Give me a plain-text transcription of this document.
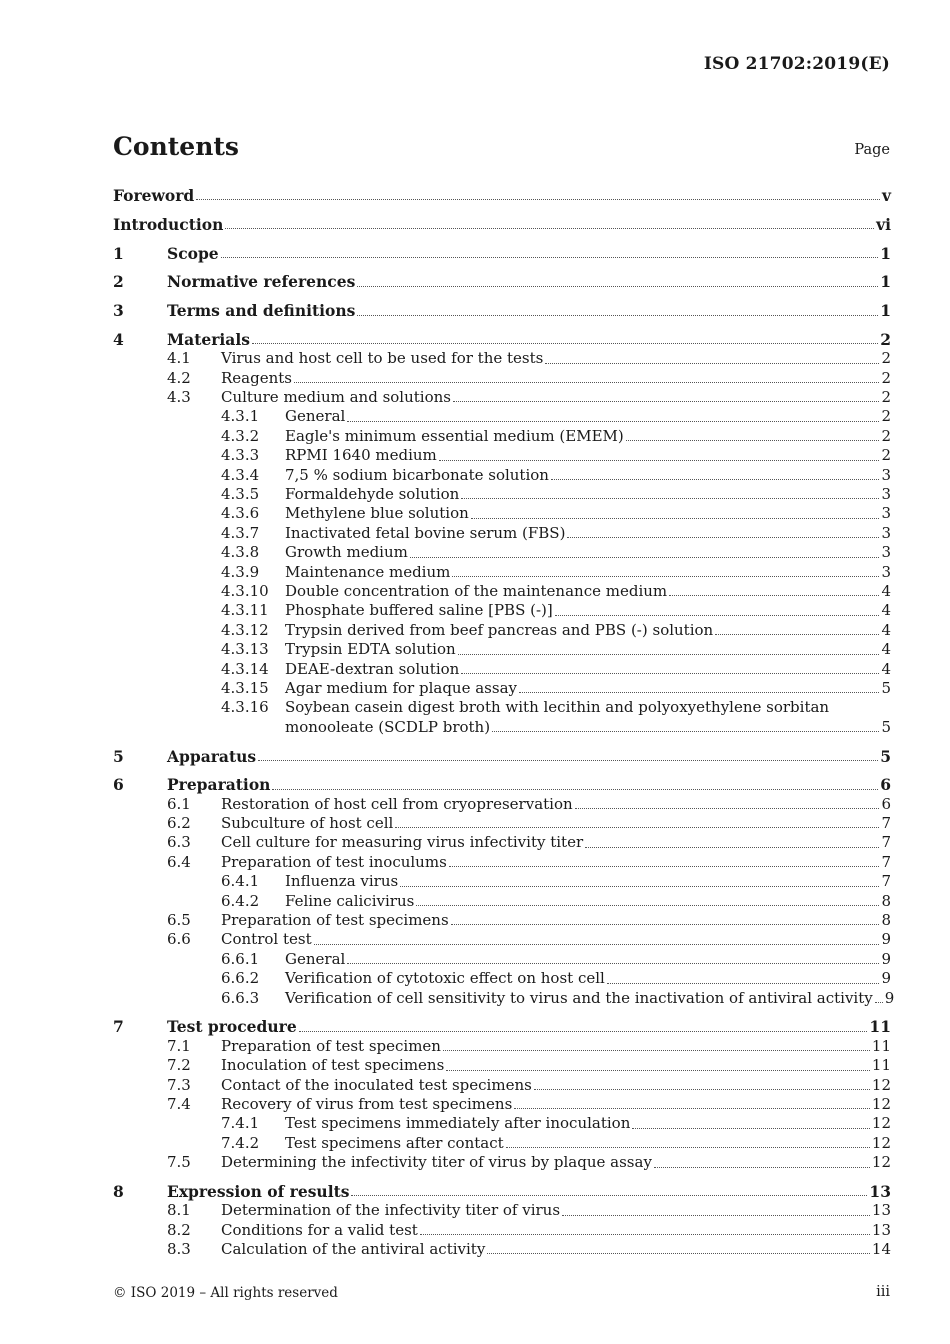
ISO 21702:2019(E)
Contents	Page
Foreword	v
Introduction	vi
1	Scope	1
2	Normative references	1
3	Terms and definitions	1
4	Materials	2
4.1 Virus and host cell to be used for the tests	2
4.2 Reagents	2
4.3 Culture medium and solutions	2
4.3.1 General	2
4.3.2 Eagle's minimum essential medium (EMEM)	2
4.3.3 RPMI 1640 medium	2
4.3.4 7,5 % sodium bicarbonate solution	3
4.3.5 Formaldehyde solution	3
4.3.6 Methylene blue solution	3
4.3.7 Inactivated fetal bovine serum (FBS)	3
4.3.8 Growth medium	3
4.3.9 Maintenance medium	3
4.3.10 Double concentration of the maintenance medium	4
4.3.11 Phosphate buffered saline [PBS (-)]	4
4.3.12 Trypsin derived from beef pancreas and PBS (-) solution	4
4.3.13 Trypsin EDTA solution	4
4.3.14 DEAE-dextran solution	4
4.3.15 Agar medium for plaque assay	5
4.3.16 Soybean casein digest broth with lecithin and polyoxyethylene sorbitan
monooleate (SCDLP broth)	5
5	Apparatus	5
6	Preparation	6
6.1 Restoration of host cell from cryopreservation	6
6.2 Subculture of host cell	7
6.3 Cell culture for measuring virus infectivity titer	7
6.4 Preparation of test inoculums	7
6.4.1 Influenza virus	7
6.4.2 Feline calicivirus	8
6.5 Preparation of test specimens	8
6.6 Control test	9
6.6.1 General	9
6.6.2 Verification of cytotoxic effect on host cell	9
6.6.3 Verification of cell sensitivity to virus and the inactivation of antiviral activity 9
7	Test procedure	11
7.1 Preparation of test specimen	11
7.2 Inoculation of test specimens	11
7.3 Contact of the inoculated test specimens	12
7.4 Recovery of virus from test specimens	12
7.4.1 Test specimens immediately after inoculation	12
7.4.2 Test specimens after contact	12
7.5 Determining the infectivity titer of virus by plaque assay	12
8	Expression of results	13
8.1 Determination of the infectivity titer of virus	13
8.2 Conditions for a valid test	13
8.3 Calculation of the antiviral activity	14
© ISO 2019 – All rights reserved	iii
